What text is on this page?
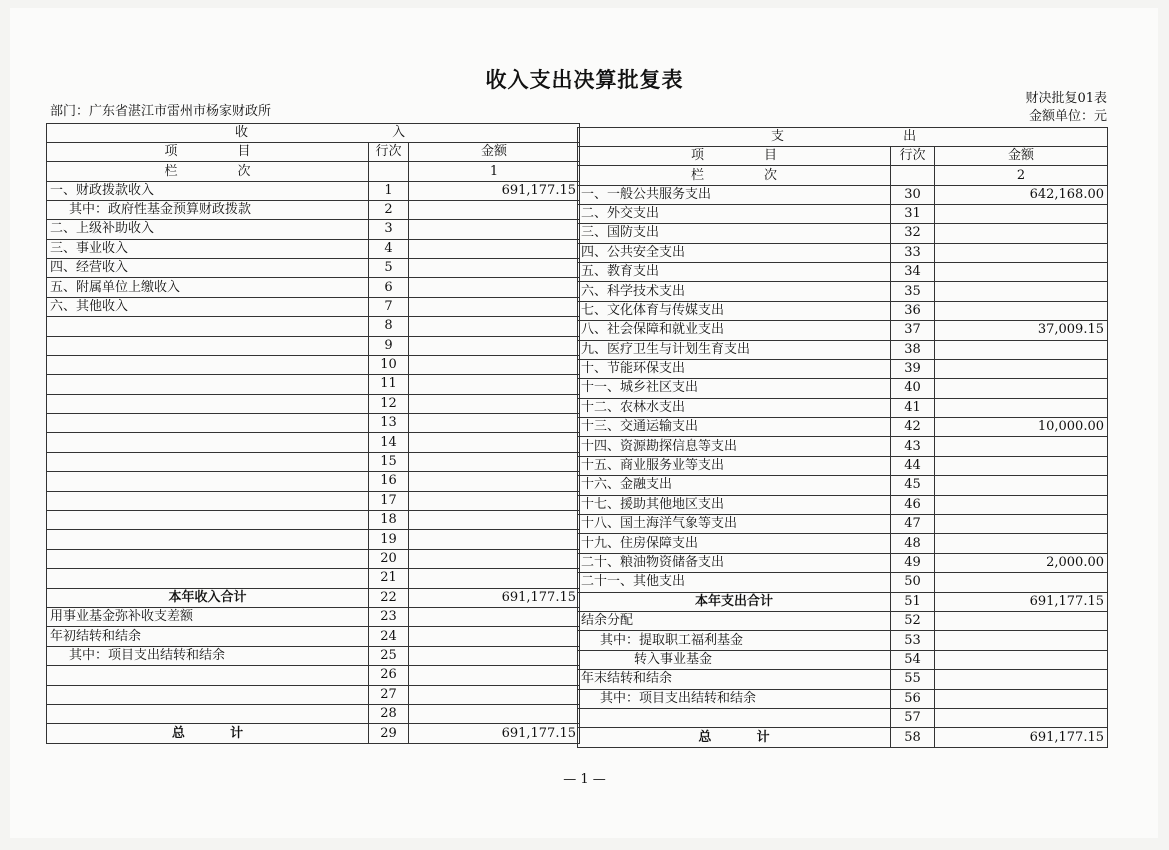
收入支出决算批复表
部门：广东省湛江市雷州市杨家财政所
财决批复01表
金额单位：元
收 入		
项 目	行次	金额
栏 次		1
一、财政拨款收入	1	691,177.15
其中：政府性基金预算财政拨款	2	
二、上级补助收入	3	
三、事业收入	4	
四、经营收入	5	
五、附属单位上缴收入	6	
六、其他收入	7	
	8	
	9	
	10	
	11	
	12	
	13	
	14	
	15	
	16	
	17	
	18	
	19	
	20	
	21	
本年收入合计	22	691,177.15
用事业基金弥补收支差额	23	
年初结转和结余	24	
其中：项目支出结转和结余	25	
	26	
	27	
	28	
总          计	29	691,177.15
支 出		
项 目	行次	金额
栏 次		2
一、一般公共服务支出	30	642,168.00
二、外交支出	31	
三、国防支出	32	
四、公共安全支出	33	
五、教育支出	34	
六、科学技术支出	35	
七、文化体育与传媒支出	36	
八、社会保障和就业支出	37	37,009.15
九、医疗卫生与计划生育支出	38	
十、节能环保支出	39	
十一、城乡社区支出	40	
十二、农林水支出	41	
十三、交通运输支出	42	10,000.00
十四、资源勘探信息等支出	43	
十五、商业服务业等支出	44	
十六、金融支出	45	
十七、援助其他地区支出	46	
十八、国土海洋气象等支出	47	
十九、住房保障支出	48	
二十、粮油物资储备支出	49	2,000.00
二十一、其他支出	50	
本年支出合计	51	691,177.15
结余分配	52	
其中：提取职工福利基金	53	
转入事业基金	54	
年末结转和结余	55	
其中：项目支出结转和结余	56	
	57	
总          计	58	691,177.15
— 1 —
